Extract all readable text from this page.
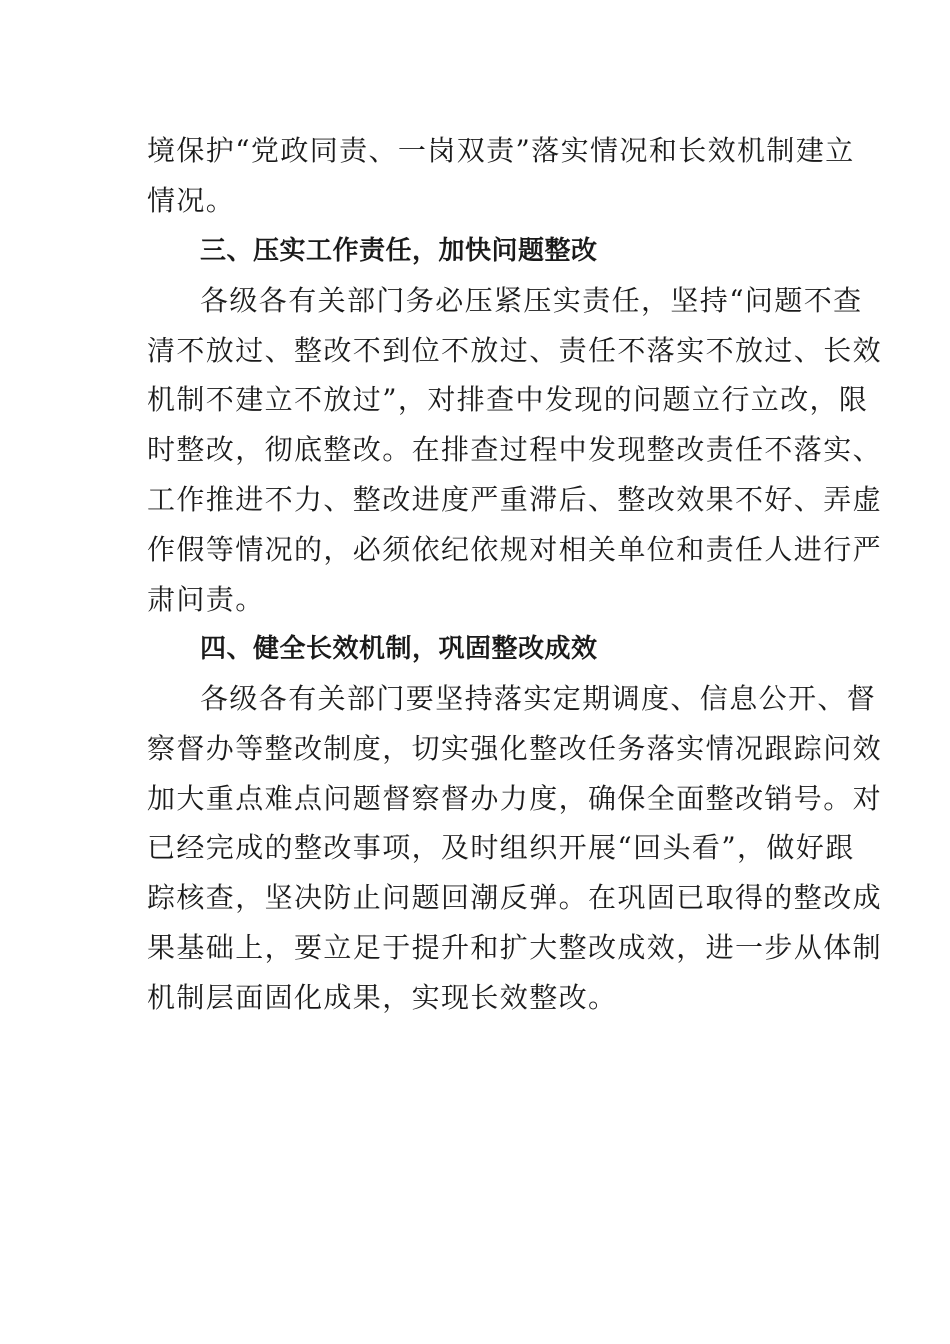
境保护“党政同责、一岗双责”落实情况和长效机制建立
情况。
三、压实工作责任，加快问题整改
各级各有关部门务必压紧压实责任，坚持“问题不查
清不放过、整改不到位不放过、责任不落实不放过、长效
机制不建立不放过”，对排查中发现的问题立行立改，限
时整改，彻底整改。在排查过程中发现整改责任不落实、
工作推进不力、整改进度严重滞后、整改效果不好、弄虚
作假等情况的，必须依纪依规对相关单位和责任人进行严
肃问责。
四、健全长效机制，巩固整改成效
各级各有关部门要坚持落实定期调度、信息公开、督
察督办等整改制度，切实强化整改任务落实情况跟踪问效
加大重点难点问题督察督办力度，确保全面整改销号。对
已经完成的整改事项，及时组织开展“回头看”，做好跟
踪核查，坚决防止问题回潮反弹。在巩固已取得的整改成
果基础上，要立足于提升和扩大整改成效，进一步从体制
机制层面固化成果，实现长效整改。
